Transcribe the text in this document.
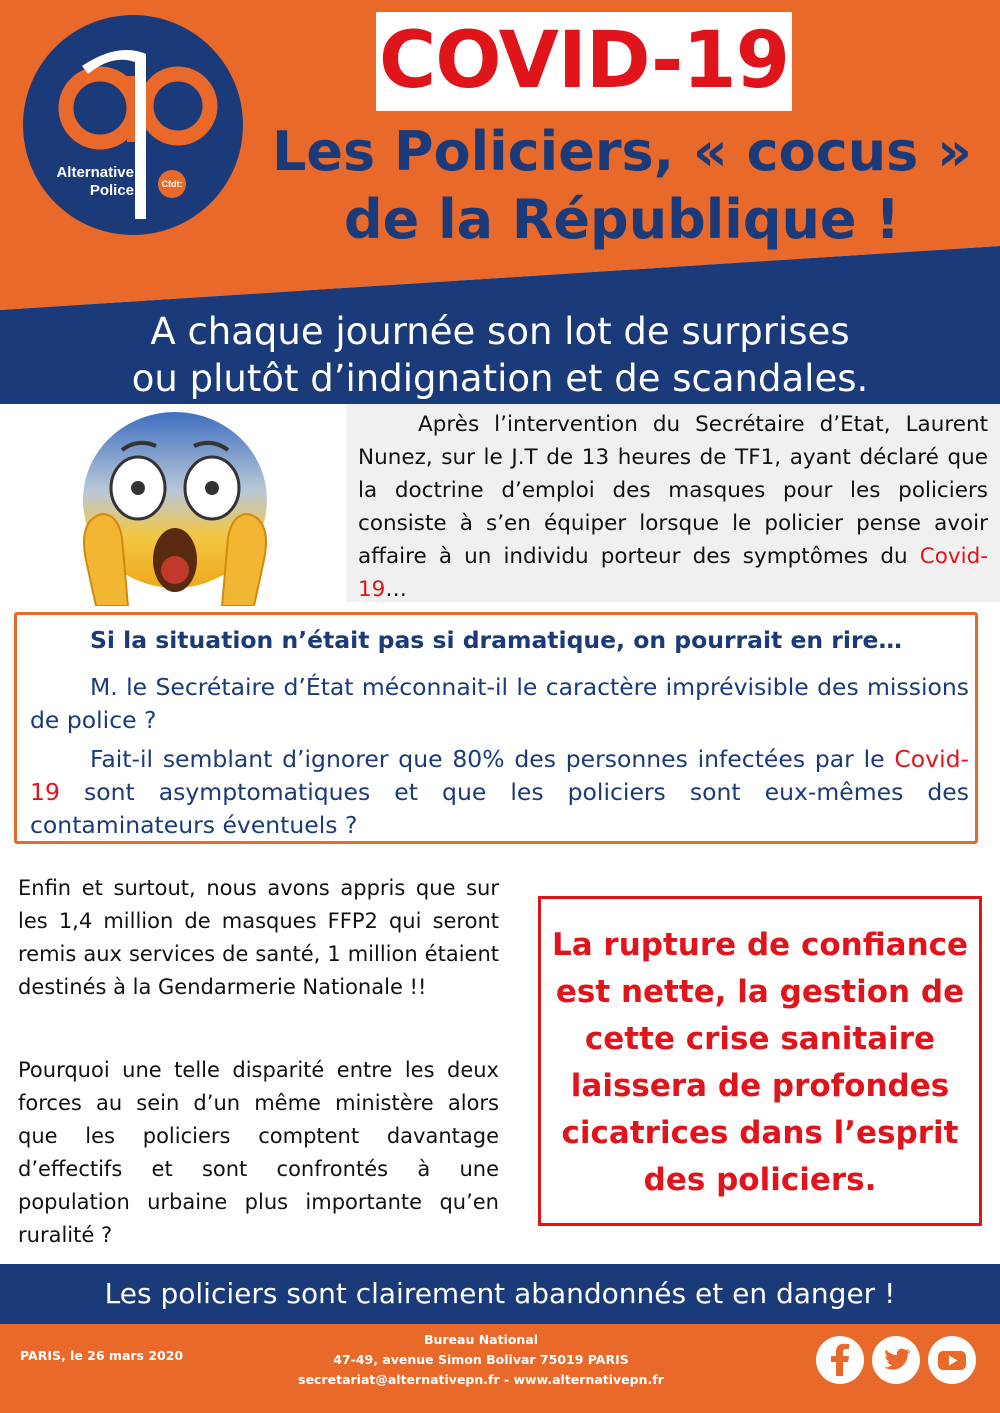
Alternative
Police	Cfdt:
COVID-19
Les Policiers, « cocus »
de la République !
A chaque journée son lot de surprises
ou plutôt d’indignation et de scandales.
Après l’intervention du Secrétaire d’Etat, Laurent Nunez, sur le J.T de 13 heures de TF1, ayant déclaré que la doctrine d’emploi des masques pour les policiers consiste à s’en équiper lorsque le policier pense avoir affaire à un individu porteur des symptômes du Covid-19…
Si la situation n’était pas si dramatique, on pourrait en rire…
M. le Secrétaire d’État méconnait-il le caractère imprévisible des missions de police ?
Fait-il semblant d’ignorer que 80% des personnes infectées par le Covid-19 sont asymptomatiques et que les policiers sont eux-mêmes des contaminateurs éventuels ?
Enfin et surtout, nous avons appris que sur les 1,4 million de masques FFP2 qui seront remis aux services de santé, 1 million étaient destinés à la Gendarmerie Nationale !!
Pourquoi une telle disparité entre les deux forces au sein d’un même ministère alors que les policiers comptent davantage d’effectifs et sont confrontés à une population urbaine plus importante qu’en ruralité ?
La rupture de confiance est nette, la gestion de cette crise sanitaire laissera de profondes cicatrices dans l’esprit des policiers.
Les policiers sont clairement abandonnés et en danger !
PARIS, le 26 mars 2020
Bureau National
47-49, avenue Simon Bolivar 75019 PARIS
secretariat@alternativepn.fr - www.alternativepn.fr
